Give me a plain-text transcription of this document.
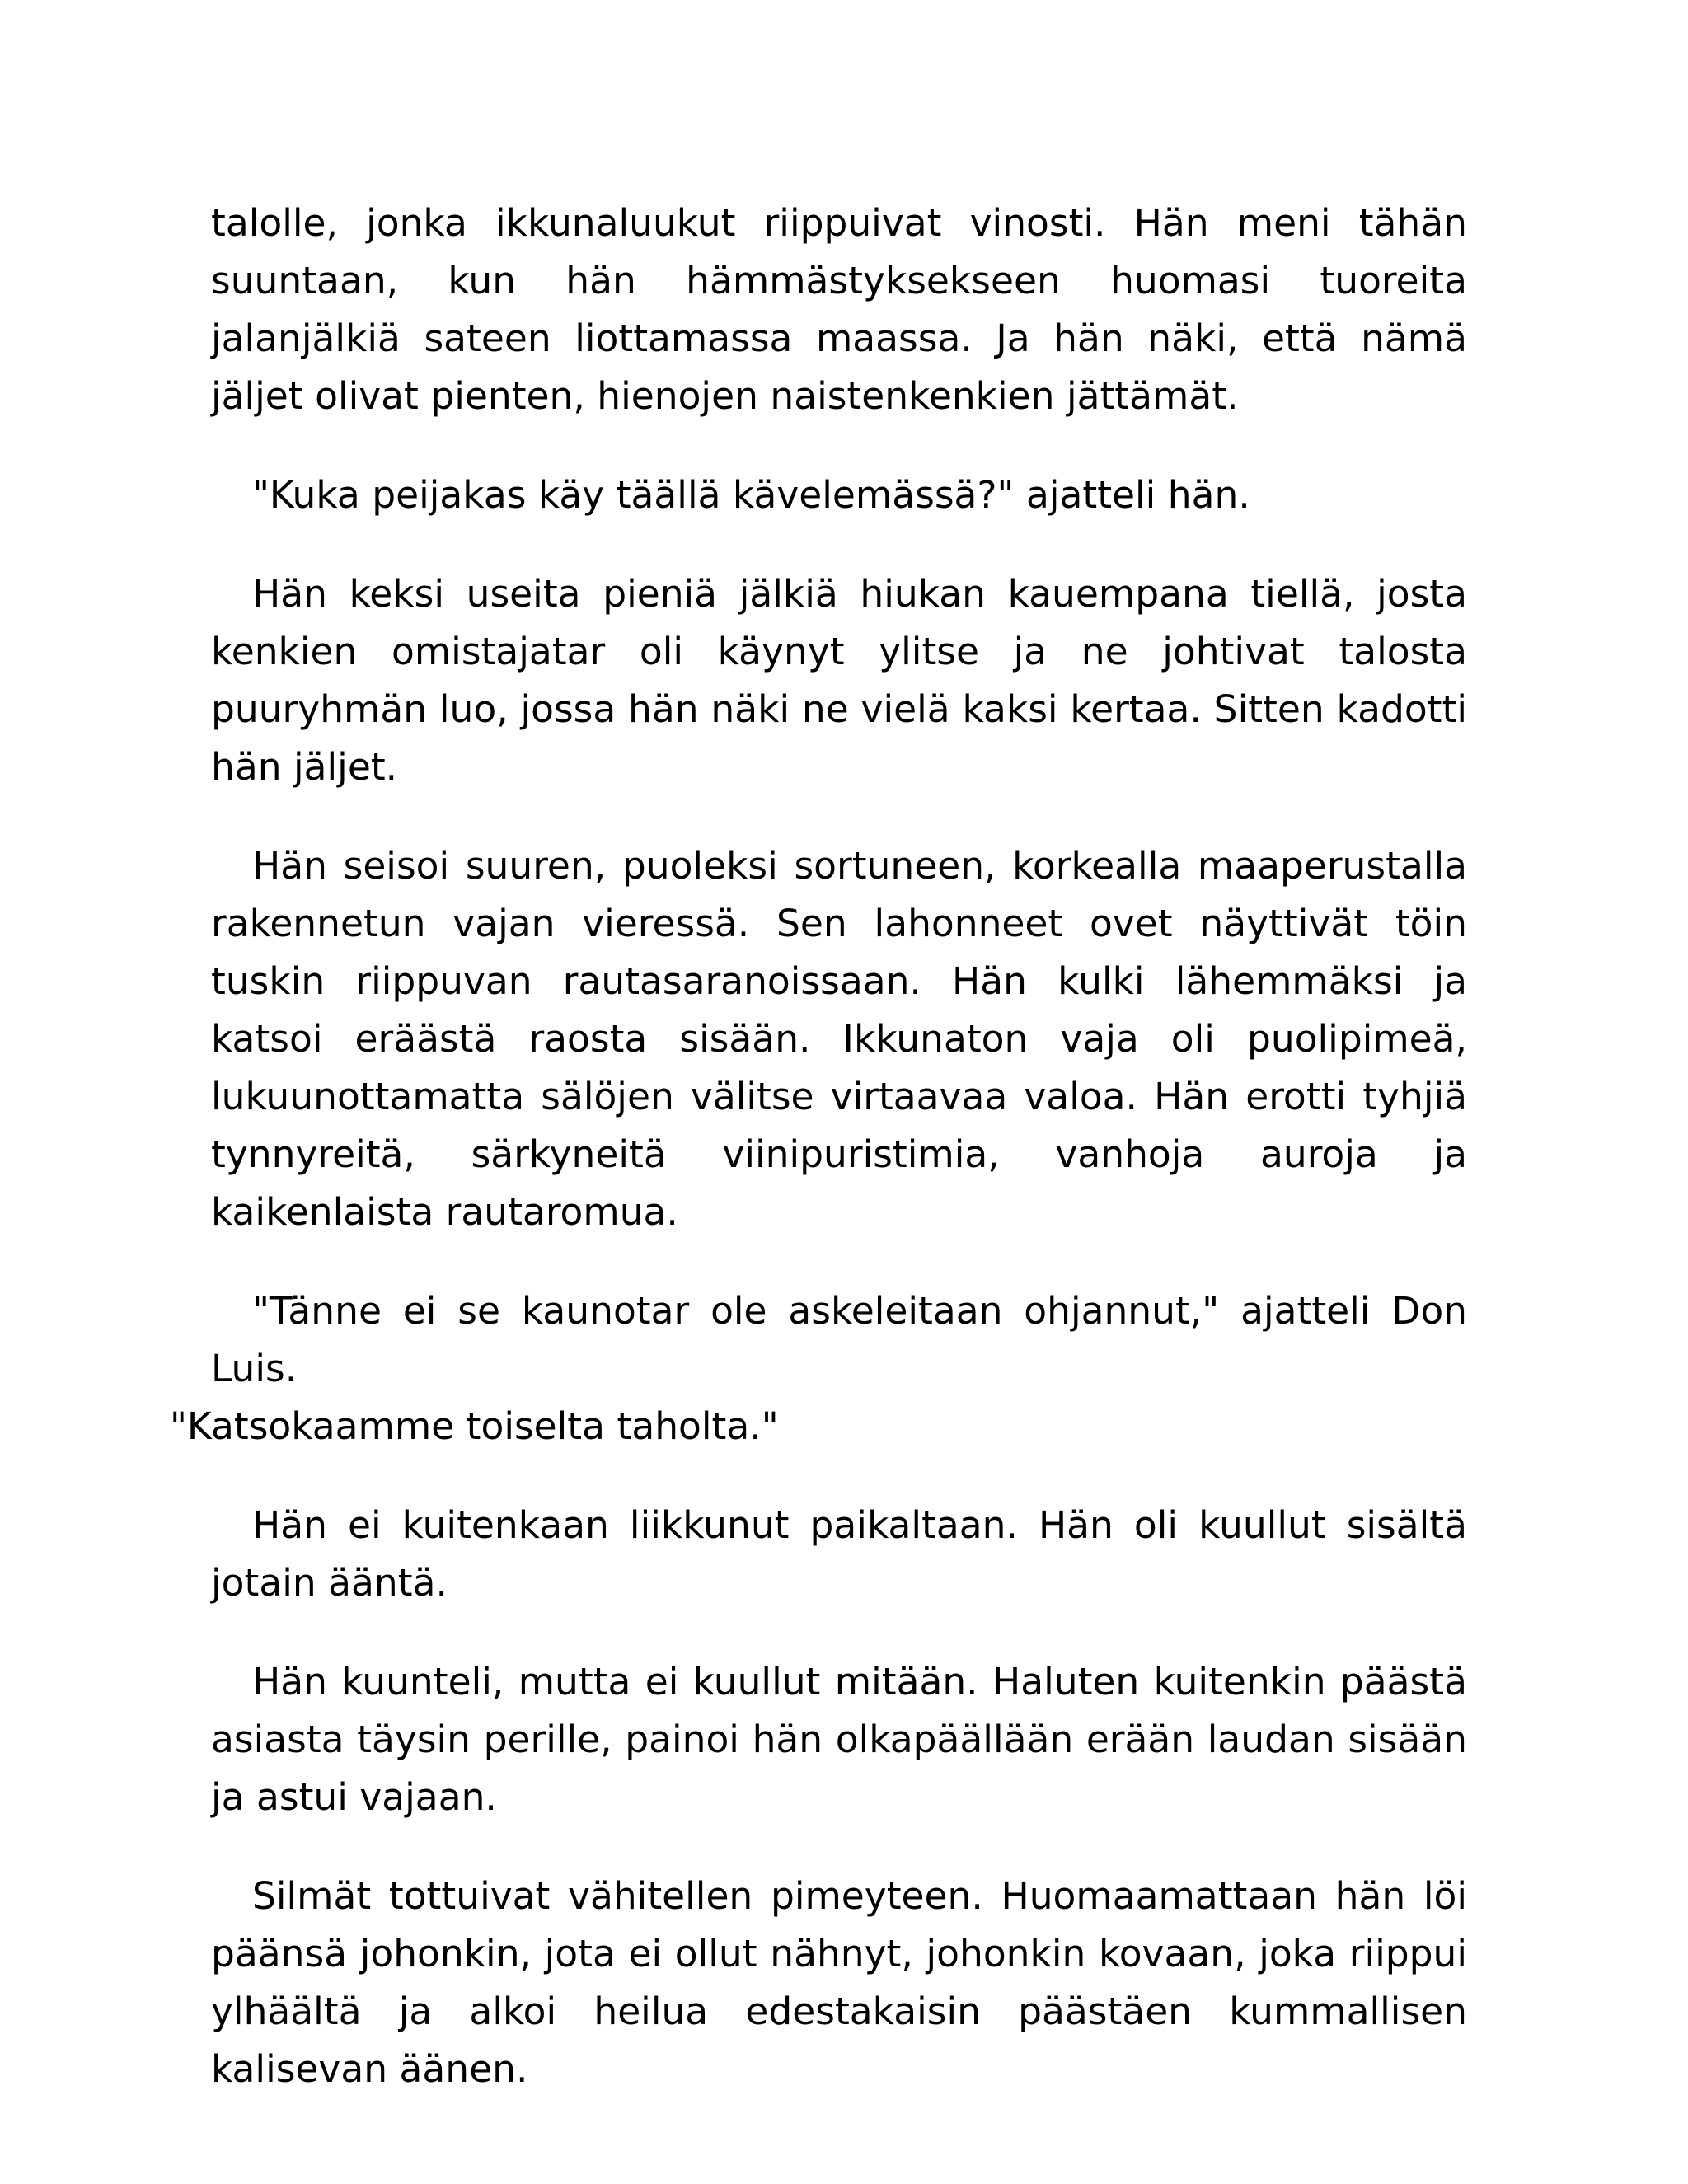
talolle, jonka ikkunaluukut riippuivat vinosti. Hän meni tähän suuntaan, kun hän hämmästyksekseen huomasi tuoreita jalanjälkiä sateen liottamassa maassa. Ja hän näki, että nämä jäljet olivat pienten, hienojen naistenkenkien jättämät.

"Kuka peijakas käy täällä kävelemässä?" ajatteli hän.

Hän keksi useita pieniä jälkiä hiukan kauempana tiellä, josta kenkien omistajatar oli käynyt ylitse ja ne johtivat talosta puuryhmän luo, jossa hän näki ne vielä kaksi kertaa. Sitten kadotti hän jäljet.

Hän seisoi suuren, puoleksi sortuneen, korkealla maaperustalla rakennetun vajan vieressä. Sen lahonneet ovet näyttivät töin tuskin riippuvan rautasaranoissaan. Hän kulki lähemmäksi ja katsoi eräästä raosta sisään. Ikkunaton vaja oli puolipimeä, lukuunottamatta sälöjen välitse virtaavaa valoa. Hän erotti tyhjiä tynnyreitä, särkyneitä viinipuristimia, vanhoja auroja ja kaikenlaista rautaromua.

"Tänne ei se kaunotar ole askeleitaan ohjannut," ajatteli Don Luis.
"Katsokaamme toiselta taholta."

Hän ei kuitenkaan liikkunut paikaltaan. Hän oli kuullut sisältä jotain ääntä.

Hän kuunteli, mutta ei kuullut mitään. Haluten kuitenkin päästä asiasta täysin perille, painoi hän olkapäällään erään laudan sisään ja astui vajaan.

Silmät tottuivat vähitellen pimeyteen. Huomaamattaan hän löi päänsä johonkin, jota ei ollut nähnyt, johonkin kovaan, joka riippui ylhäältä ja alkoi heilua edestakaisin päästäen kummallisen kalisevan äänen.
